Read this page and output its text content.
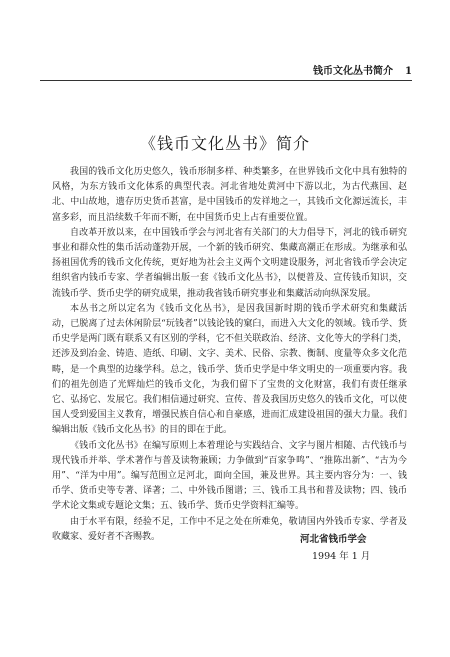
钱币文化丛书简介 1
《钱币文化丛书》简介

我国的钱币文化历史悠久，钱币形制多样、种类繁多，在世界钱币文化中具有独特的风格，为东方钱币文化体系的典型代表。河北省地处黄河中下游以北，为古代燕国、赵北、中山故地，遗存历史货币甚富，是中国钱币的发祥地之一，其钱币文化源远流长，丰富多彩，而且沿续数千年而不断，在中国货币史上占有重要位置。

自改革开放以来，在中国钱币学会与河北省有关部门的大力倡导下，河北的钱币研究事业和群众性的集币活动蓬勃开展，一个新的钱币研究、集藏高潮正在形成。为继承和弘扬祖国优秀的钱币文化传统，更好地为社会主义两个文明建设服务，河北省钱币学会决定组织省内钱币专家、学者编辑出版一套《钱币文化丛书》，以便普及、宣传钱币知识，交流钱币学、货币史学的研究成果，推动我省钱币研究事业和集藏活动向纵深发展。

本丛书之所以定名为《钱币文化丛书》，是因我国新时期的钱币学术研究和集藏活动，已脱离了过去休闲阶层“玩钱者”以钱论钱的窠臼，而进入大文化的领域。钱币学、货币史学是两门既有联系又有区别的学科，它不但关联政治、经济、文化等大的学科门类，还涉及到冶金、铸造、造纸、印刷、文字、美术、民俗、宗教、衡制、度量等众多文化范畴，是一个典型的边缘学科。总之，钱币学、货币史学是中华文明史的一项重要内容。我们的祖先创造了光辉灿烂的钱币文化，为我们留下了宝贵的文化财富，我们有责任继承它、弘扬它、发展它。我们相信通过研究、宣传、普及我国历史悠久的钱币文化，可以使国人受到爱国主义教育，增强民族自信心和自豪感，进而汇成建设祖国的强大力量。我们编辑出版《钱币文化丛书》的目的即在于此。

《钱币文化丛书》在编写原则上本着理论与实践结合、文字与图片相随、古代钱币与现代钱币并举、学术著作与普及读物兼顾；力争做到“百家争鸣”、“推陈出新”、“古为今用”、“洋为中用”。编写范围立足河北，面向全国，兼及世界。其主要内容分为：一、钱币学、货币史等专著、译著；二、中外钱币图谱；三、钱币工具书和普及读物；四、钱币学术论文集或专题论文集；五、钱币学、货币史学资料汇编等。

由于水平有限，经验不足，工作中不足之处在所难免，敬请国内外钱币专家、学者及收藏家、爱好者不吝赐教。	河北省钱币学会
1994 年 1 月
